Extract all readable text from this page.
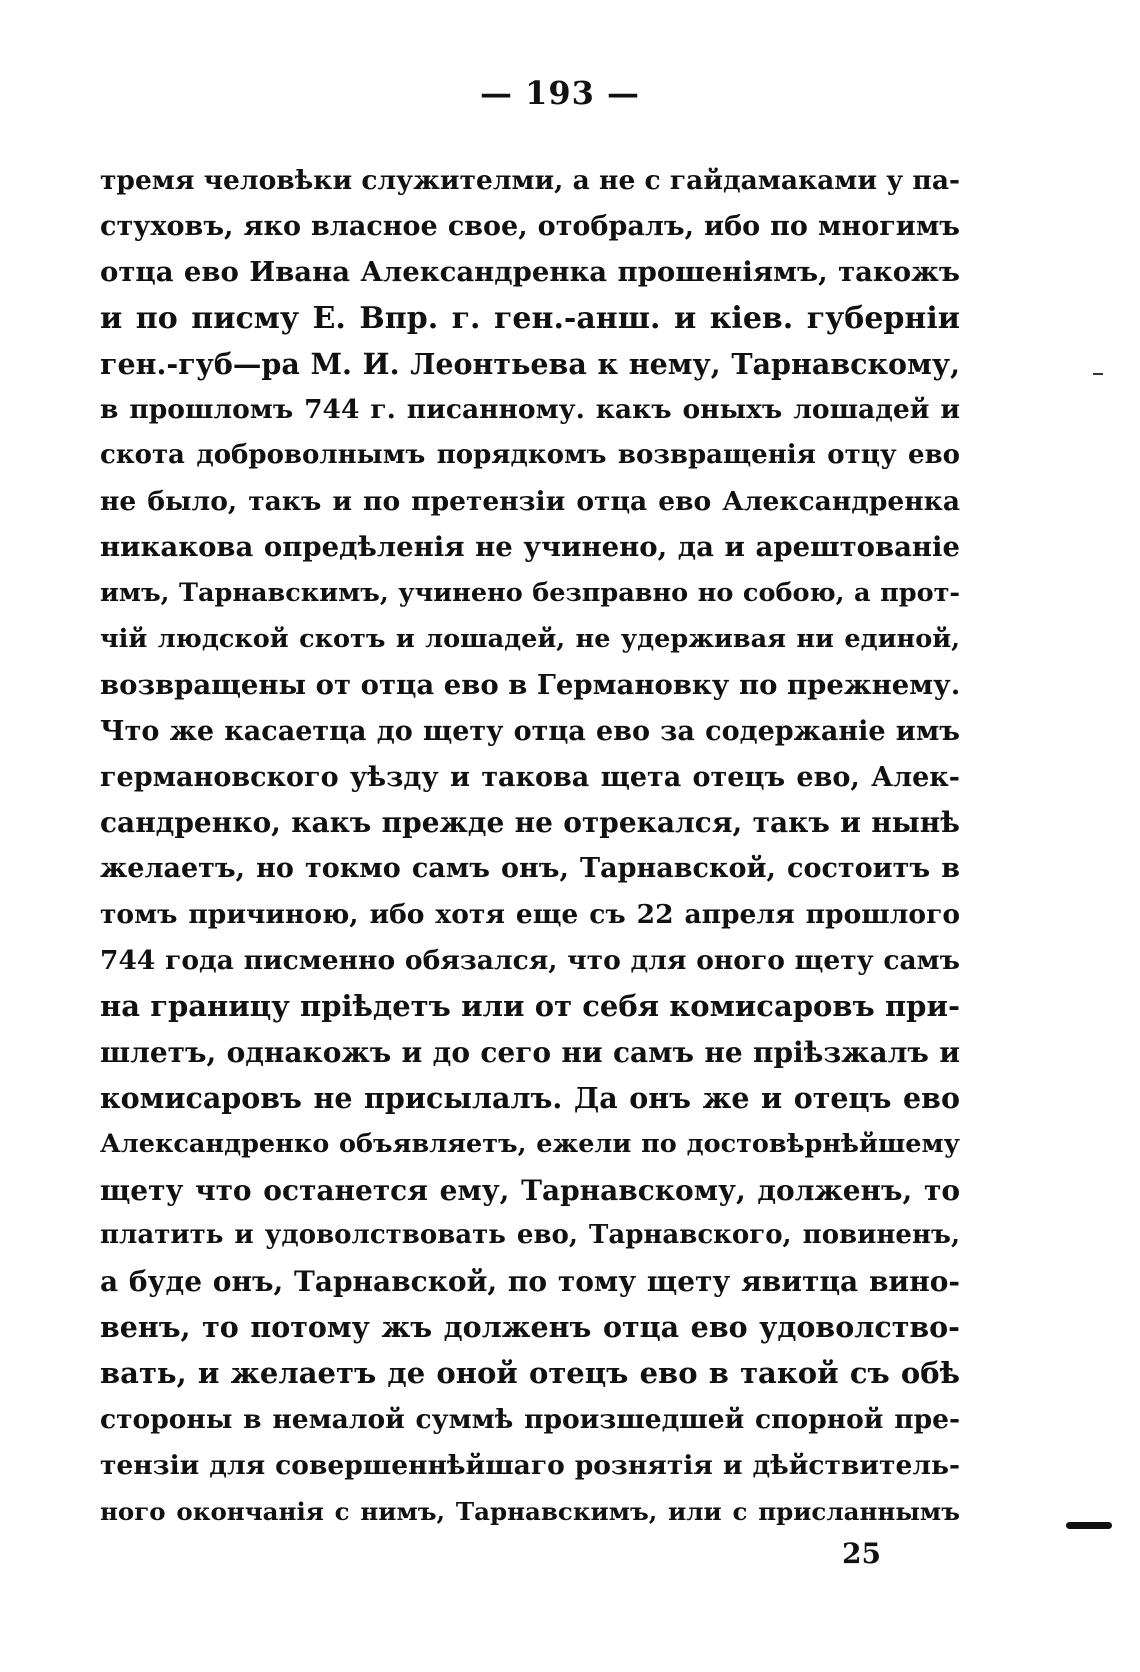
— 193 —
тремя человѣки служителми, а не с гайдамаками у па-
стуховъ, яко власное свое, отобралъ, ибо по многимъ
отца ево Ивана Александренка прошеніямъ, такожъ
и по писму Е. Впр. г. ген.-анш. и кiев. губерніи
ген.-губ—ра М. И. Леонтьева к нему, Тарнавскому,
в прошломъ 744 г. писанному. какъ оныхъ лошадей и
скота доброволнымъ порядкомъ возвращенія отцу ево
не было, такъ и по претензіи отца ево Александренка
никакова опредѣленія не учинено, да и арештованіе
имъ, Тарнавскимъ, учинено безправно но собою, а прот-
чій людской скотъ и лошадей, не удерживая ни единой,
возвращены от отца ево в Германовку по прежнему.
Что же касаетца до щету отца ево за содержаніе имъ
германовского уѣзду и такова щета отецъ ево, Алек-
сандренко, какъ прежде не отрекался, такъ и нынѣ
желаетъ, но токмо самъ онъ, Тарнавской, состоитъ в
томъ причиною, ибо хотя еще съ 22 апреля прошлого
744 года писменно обязался, что для оного щету самъ
на границу прiѣдетъ или от себя комисаровъ при-
шлетъ, однакожъ и до сего ни самъ не прiѣзжалъ и
комисаровъ не присылалъ. Да онъ же и отецъ ево
Александренко объявляетъ, ежели по достовѣрнѣйшему
щету что останется ему, Тарнавскому, долженъ, то
платить и удоволствовать ево, Тарнавского, повиненъ,
а буде онъ, Тарнавской, по тому щету явитца вино-
венъ, то потому жъ долженъ отца ево удоволство-
вать, и желаетъ де оной отецъ ево в такой съ обѣ
стороны в немалой суммѣ произшедшей спорной пре-
тензіи для совершеннѣйшаго рознятія и дѣйствитель-
ного окончанія с нимъ, Тарнавскимъ, или с присланнымъ
25
